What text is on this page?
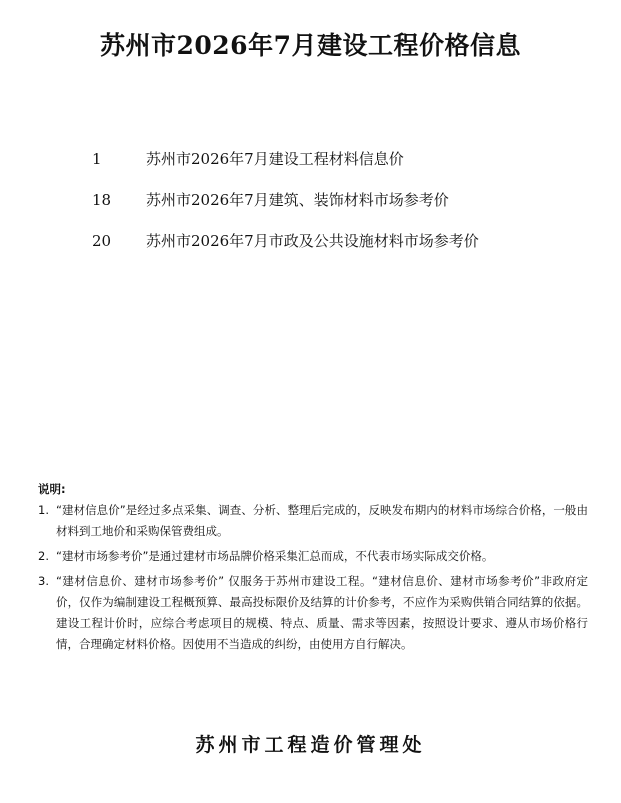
苏州市2026年7月建设工程价格信息
1	苏州市2026年7月建设工程材料信息价
18	苏州市2026年7月建筑、装饰材料市场参考价
20	苏州市2026年7月市政及公共设施材料市场参考价
说明:
1. “建材信息价”是经过多点采集、调查、分析、整理后完成的，反映发布期内的材料市场综合价格，一般由材料到工地价和采购保管费组成。
2. “建材市场参考价”是通过建材市场品牌价格采集汇总而成，不代表市场实际成交价格。
3. “建材信息价、建材市场参考价” 仅服务于苏州市建设工程。“建材信息价、建材市场参考价”非政府定价，仅作为编制建设工程概预算、最高投标限价及结算的计价参考，不应作为采购供销合同结算的依据。建设工程计价时，应综合考虑项目的规模、特点、质量、需求等因素，按照设计要求、遵从市场价格行情，合理确定材料价格。因使用不当造成的纠纷，由使用方自行解决。
苏州市工程造价管理处
